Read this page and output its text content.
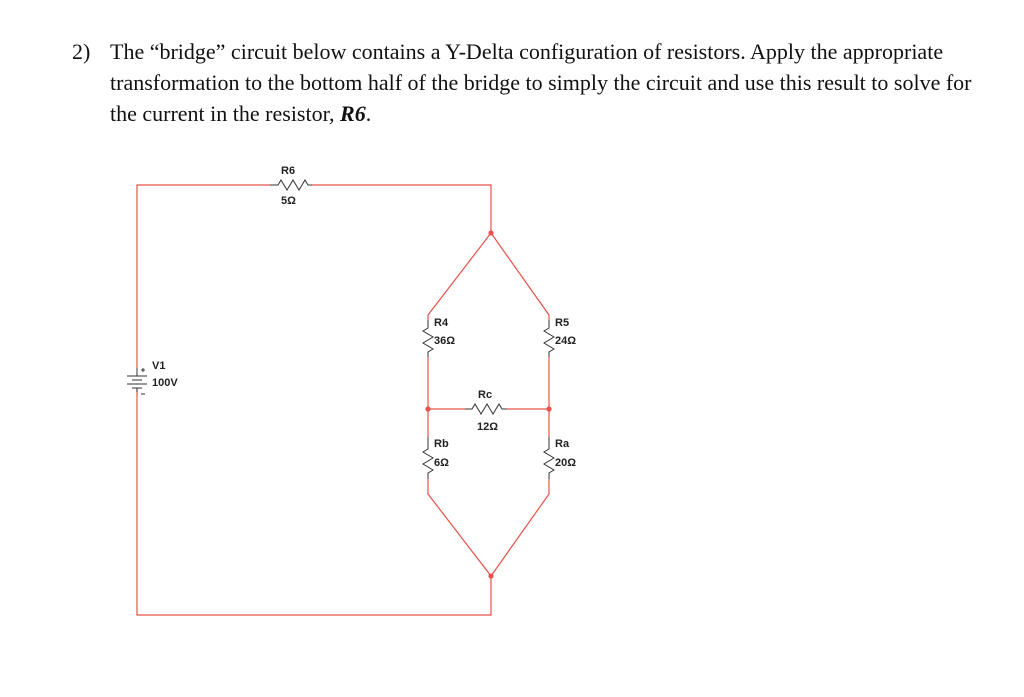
2) The “bridge” circuit below contains a Y-Delta configuration of resistors. Apply the appropriate transformation to the bottom half of the bridge to simply the circuit and use this result to solve for the current in the resistor, R6.
V1
100V
R6
5Ω
R4
36Ω
R5
24Ω
Rc
12Ω
Rb
6Ω
Ra
20Ω
